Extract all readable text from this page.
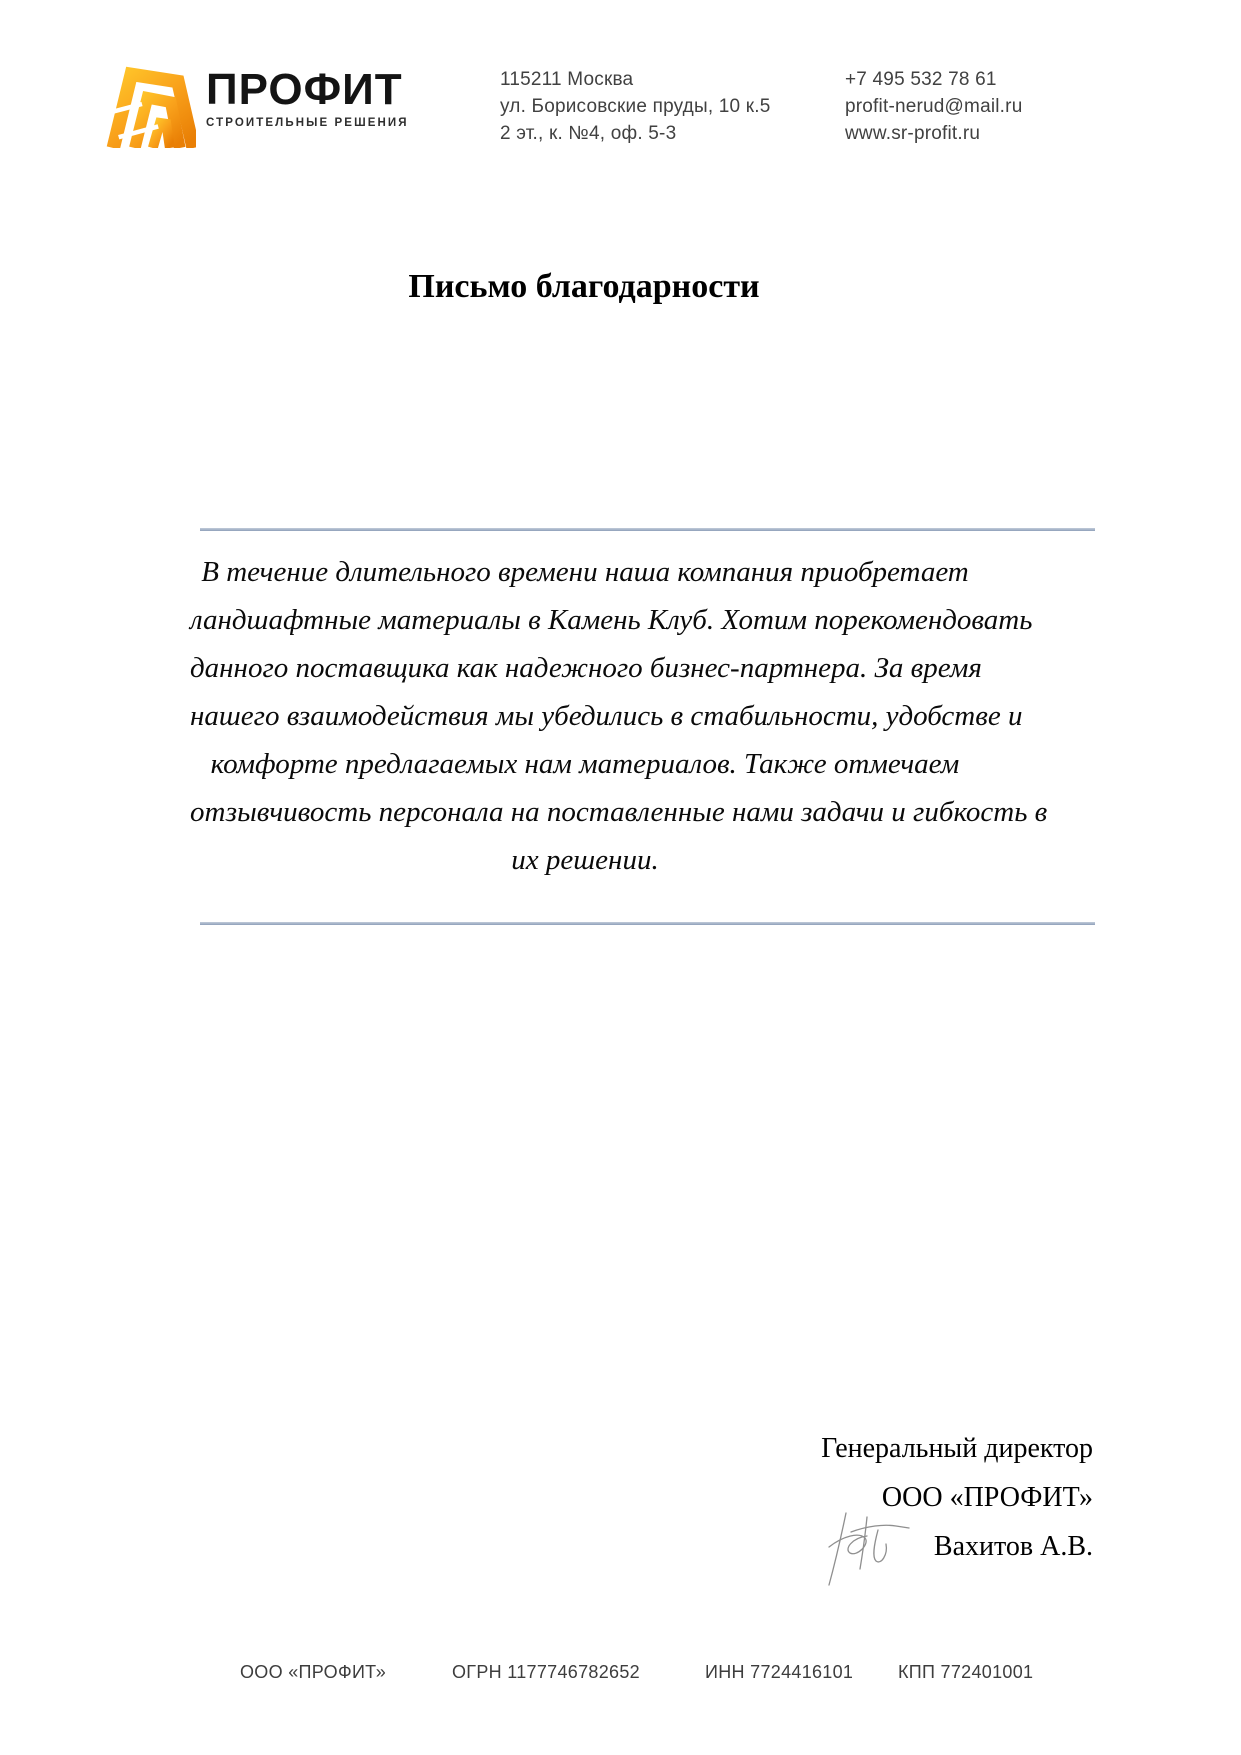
ПРОФИТ
СТРОИТЕЛЬНЫЕ РЕШЕНИЯ
115211 Москва
ул. Борисовские пруды, 10 к.5
2 эт., к. №4, оф. 5-3
+7 495 532 78 61
profit-nerud@mail.ru
www.sr-profit.ru
Письмо благодарности
В течение длительного времени наша компания приобретает
ландшафтные материалы в Камень Клуб. Хотим порекомендовать
данного поставщика как надежного бизнес-партнера. За время
нашего взаимодействия мы убедились в стабильности, удобстве и
комфорте предлагаемых нам материалов. Также отмечаем
отзывчивость персонала на поставленные нами задачи и гибкость в
их решении.
Генеральный директор
ООО «ПРОФИТ»
Вахитов А.В.
ООО «ПРОФИТ»	ОГРН 1177746782652	ИНН 7724416101 КПП 772401001
